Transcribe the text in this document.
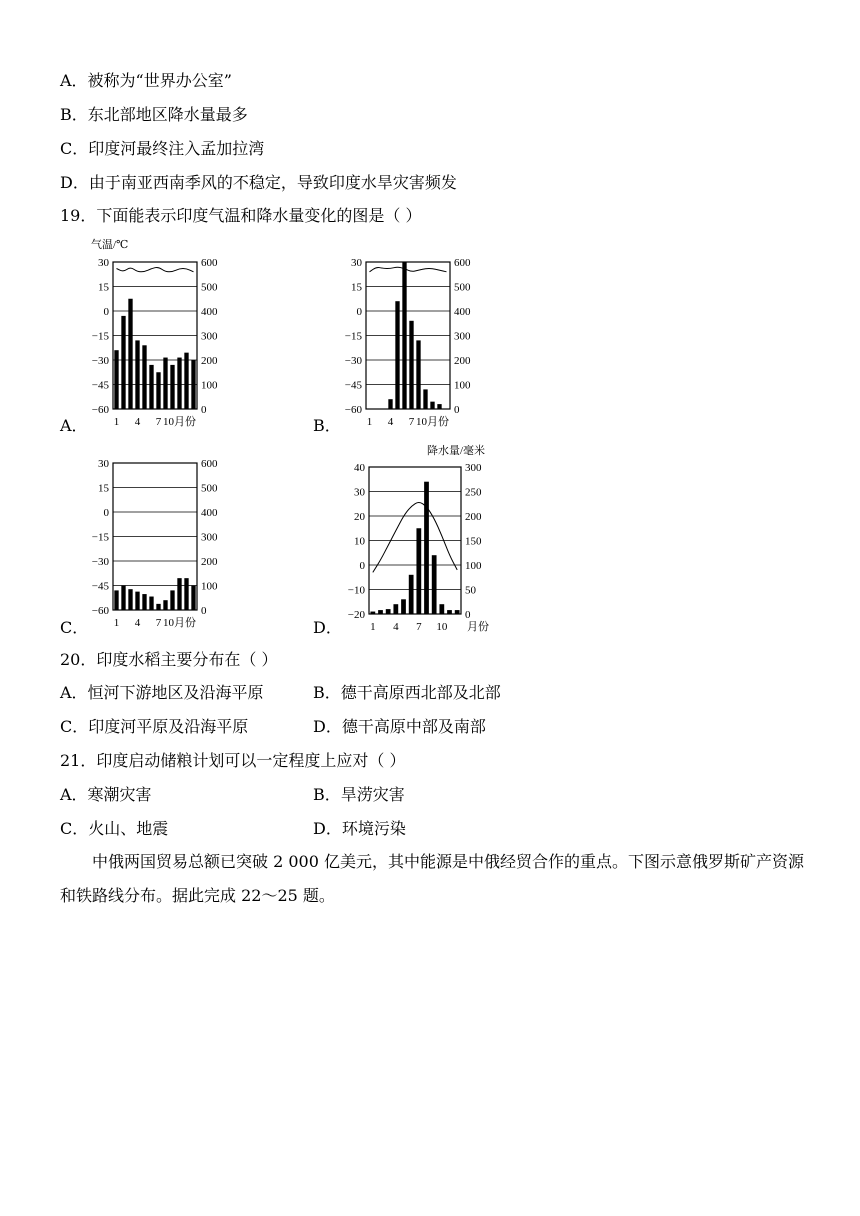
A．被称为“世界办公室”
B．东北部地区降水量最多
C．印度河最终注入孟加拉湾
D．由于南亚西南季风的不稳定，导致印度水旱灾害频发
19．下面能表示印度气温和降水量变化的图是（ ）
A．	B．
C．	D．
30	600
15	500
0	400
−15	300
−30	200
−45	100
−60	0
气温/℃
1 4 7 10月份
30	600
15	500
0	400
−15	300
−30	200
−45	100
−60	0
1 4 7 10月份
30	600
15	500
0	400
−15	300
−30	200
−45	100
−60	0
1 4 7 10月份
40	300
30	250
20	200
10	150
0	100
−10	50
−20	0
降水量/毫米
1 4 7 10 月份
20．印度水稻主要分布在（ ）
A．恒河下游地区及沿海平原	B．德干高原西北部及北部
C．印度河平原及沿海平原	D．德干高原中部及南部
21．印度启动储粮计划可以一定程度上应对（ ）
A．寒潮灾害	B．旱涝灾害
C．火山、地震	D．环境污染
中俄两国贸易总额已突破 2 000 亿美元，其中能源是中俄经贸合作的重点。下图示意俄罗斯矿产资源和铁路线分布。据此完成 22～25 题。
